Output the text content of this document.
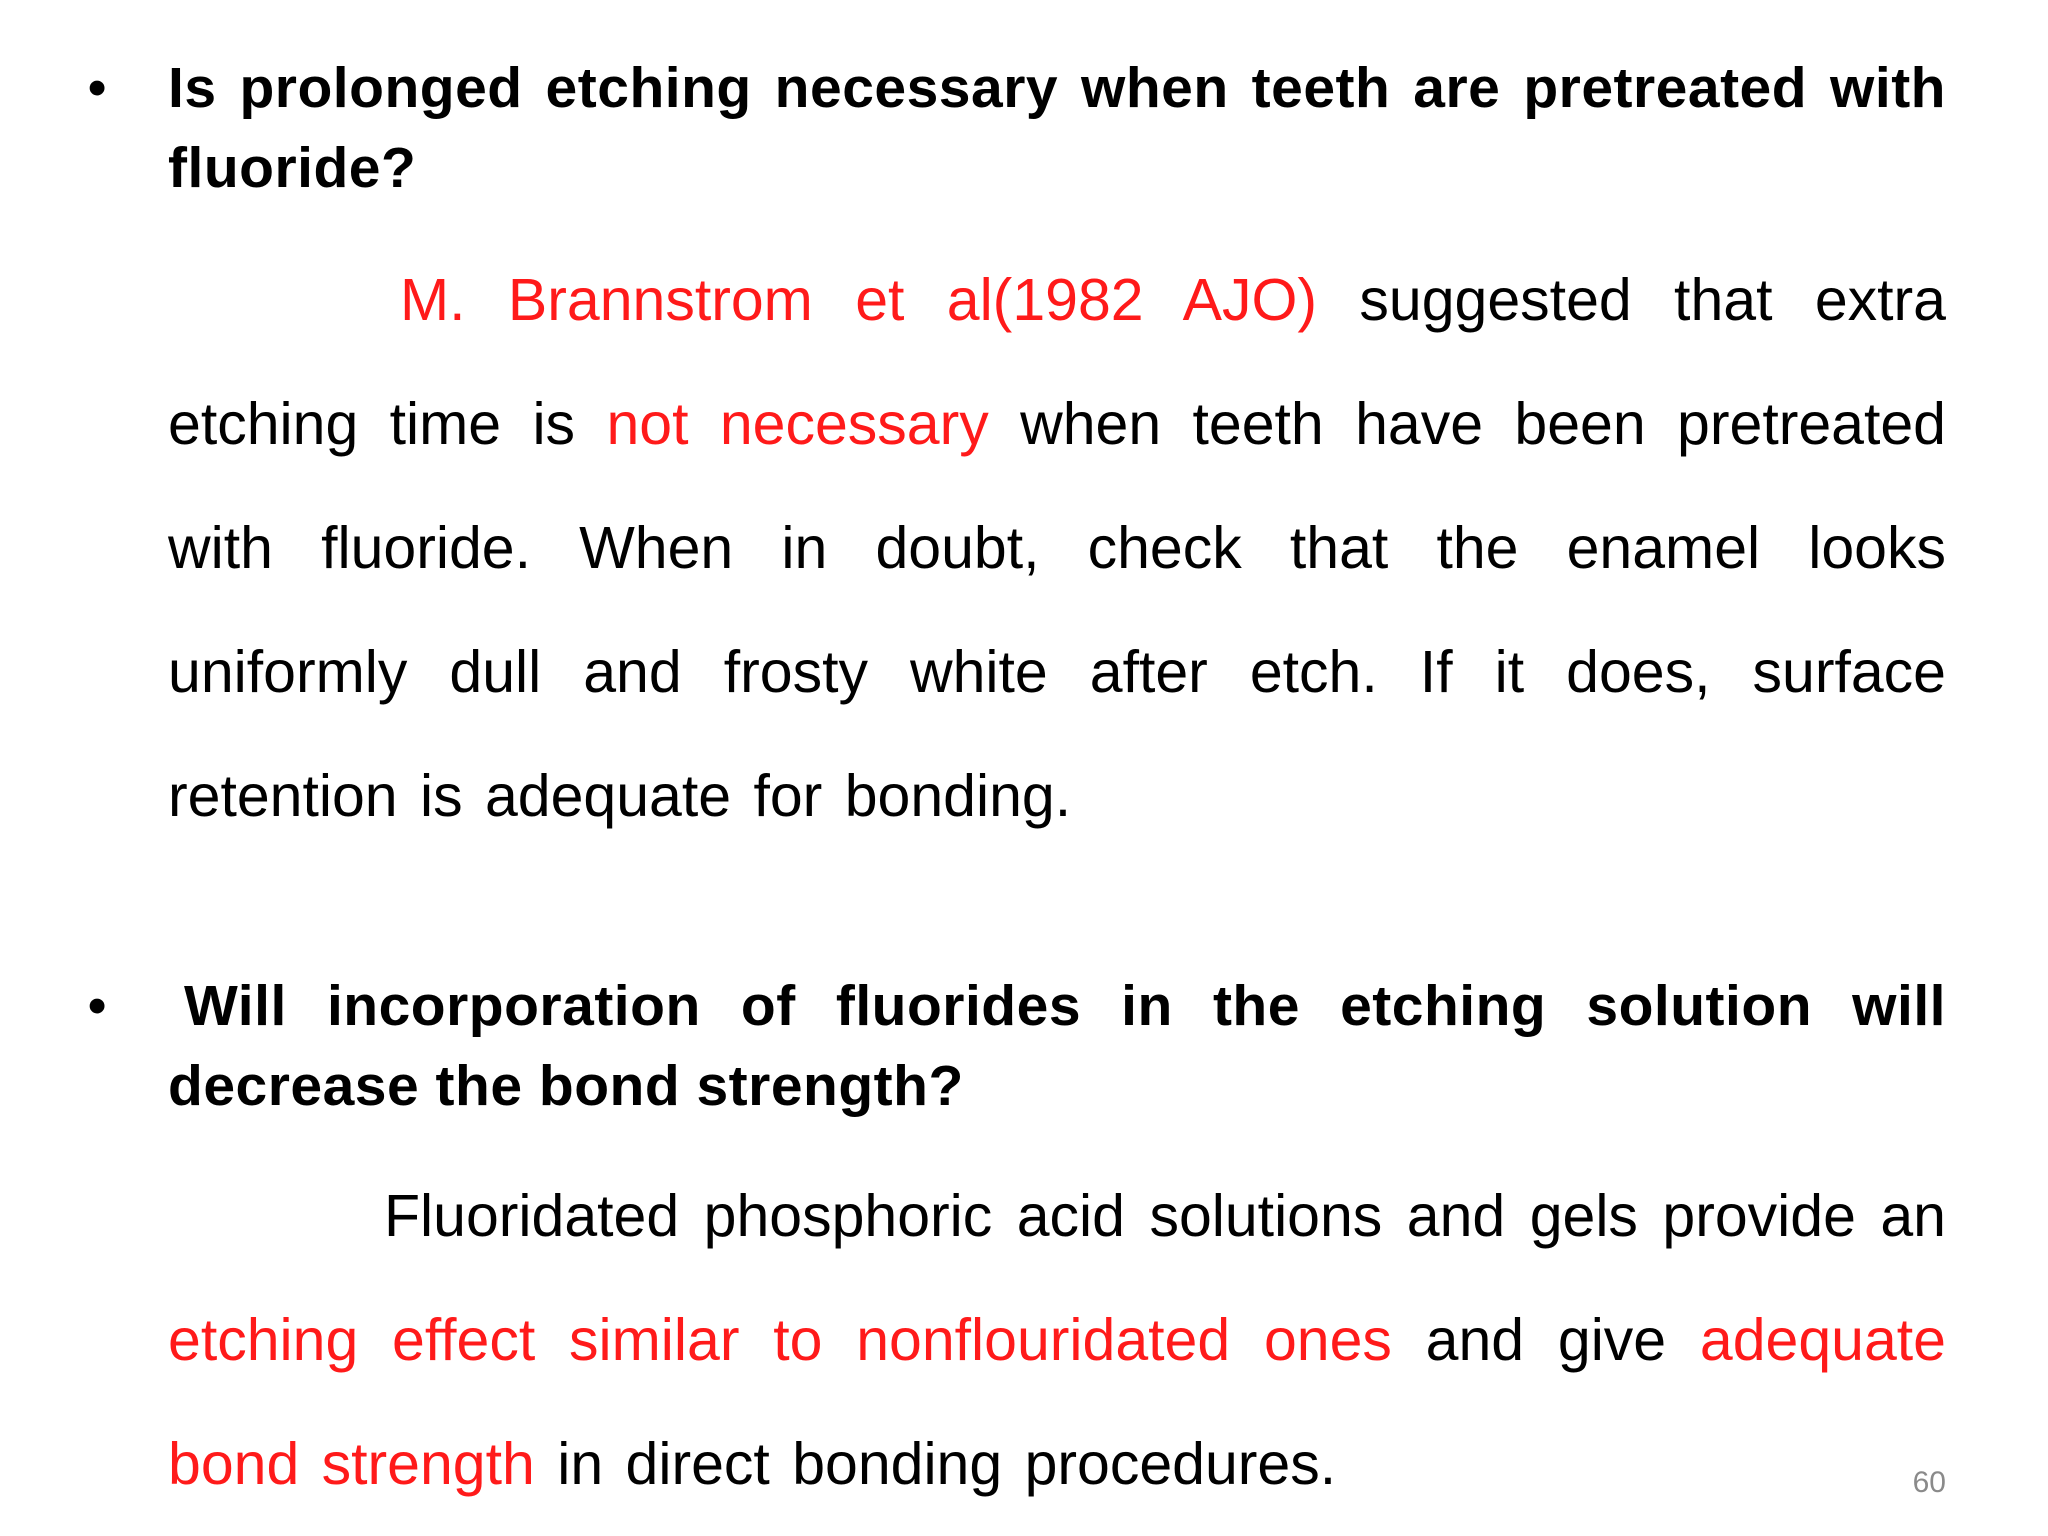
• Is prolonged etching necessary when teeth are pretreated with fluoride?
M. Brannstrom et al(1982 AJO) suggested that extra etching time is not necessary when teeth have been pretreated with fluoride. When in doubt, check that the enamel looks uniformly dull and frosty white after etch. If it does, surface retention is adequate for bonding.
• Will incorporation of fluorides in the etching solution will decrease the bond strength?
Fluoridated phosphoric acid solutions and gels provide an etching effect similar to nonflouridated ones and give adequate bond strength in direct bonding procedures.	60
